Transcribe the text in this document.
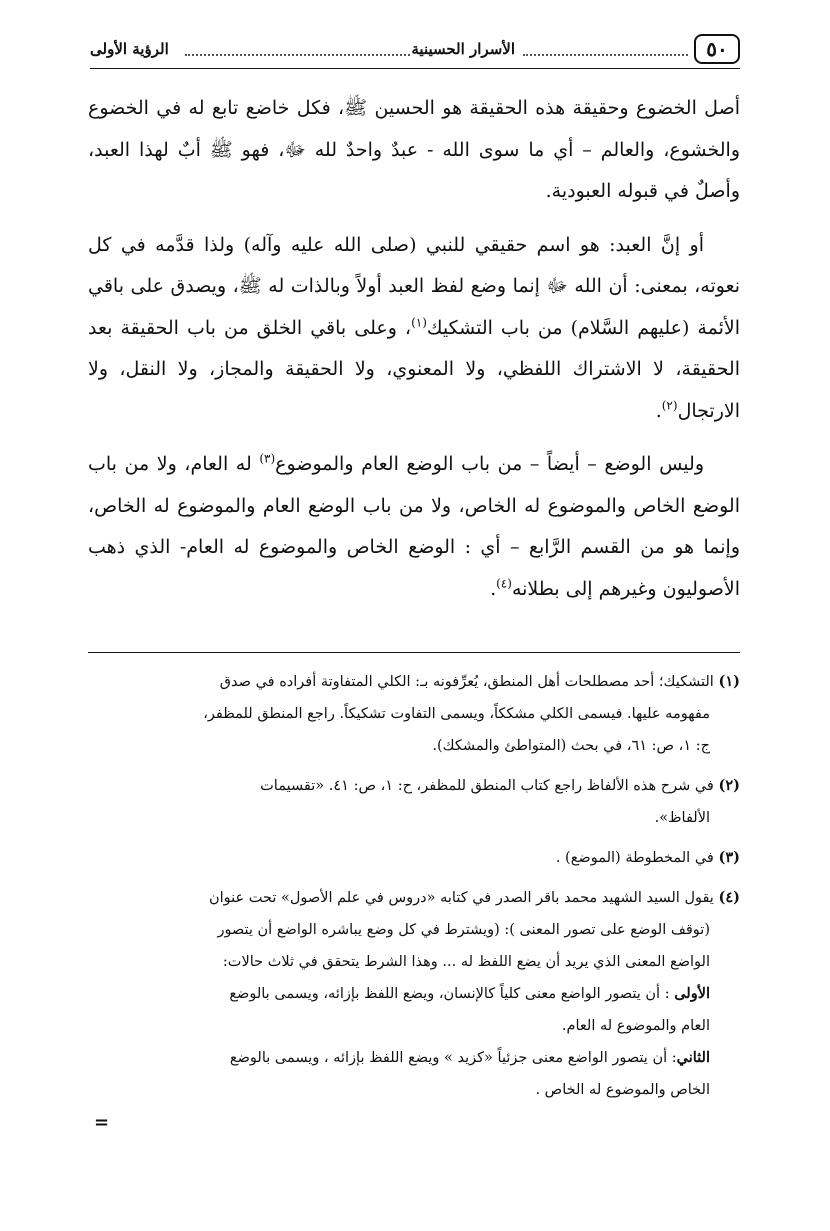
٥٠
الأسرار الحسينية
الرؤية الأولى

أصل الخضوع وحقيقة هذه الحقيقة هو الحسين ﷺ، فكل خاضع تابع له في الخضوع والخشوع، والعالم – أي ما سوى الله - عبدٌ واحدٌ لله ﷻ، فهو ﷺ أبٌ لهذا العبد، وأصلٌ في قبوله العبودية.

أو إنَّ العبد: هو اسم حقيقي للنبي (صلى الله عليه وآله) ولذا قدَّمه في كل نعوته، بمعنى: أن الله ﷻ إنما وضع لفظ العبد أولاً وبالذات له ﷺ، ويصدق على باقي الأئمة (عليهم السَّلام) من باب التشكيك$^{(١)}$، وعلى باقي الخلق من باب الحقيقة بعد الحقيقة، لا الاشتراك اللفظي، ولا المعنوي، ولا الحقيقة والمجاز، ولا النقل، ولا الارتجال$^{(٢)}$.

وليس الوضع – أيضاً – من باب الوضع العام والموضوع$^{(٣)}$ له العام، ولا من باب الوضع الخاص والموضوع له الخاص، ولا من باب الوضع العام والموضوع له الخاص، وإنما هو من القسم الرَّابع – أي : الوضع الخاص والموضوع له العام- الذي ذهب الأصوليون وغيرهم إلى بطلانه$^{(٤)}$.

(١) التشكيك؛ أحد مصطلحات أهل المنطق، يُعرِّفونه بـ: الكلي المتفاوتة أفراده في صدق
مفهومه عليها. فيسمى الكلي مشككاً، ويسمى التفاوت تشكيكاً. راجع المنطق للمظفر،
ج: ١، ص: ٦١، في بحث (المتواطئ والمشكك).
(٢) في شرح هذه الألفاظ راجع كتاب المنطق للمظفر، ح: ١، ص: ٤١. «تقسيمات
الألفاظ».
(٣) في المخطوطة (الموضع) .
(٤) يقول السيد الشهيد محمد باقر الصدر في كتابه «دروس في علم الأصول» تحت عنوان
(توقف الوضع على تصور المعنى ): (ويشترط في كل وضع يباشره الواضع أن يتصور
الواضع المعنى الذي يريد أن يضع اللفظ له ... وهذا الشرط يتحقق في ثلاث حالات:
الأولى : أن يتصور الواضع معنى كلياً كالإنسان، ويضع اللفظ بإزائه، ويسمى بالوضع
العام والموضوع له العام.
الثاني: أن يتصور الواضع معنى جزئياً «كزيد » ويضع اللفظ بإزائه ، ويسمى بالوضع
الخاص والموضوع له الخاص .
=
